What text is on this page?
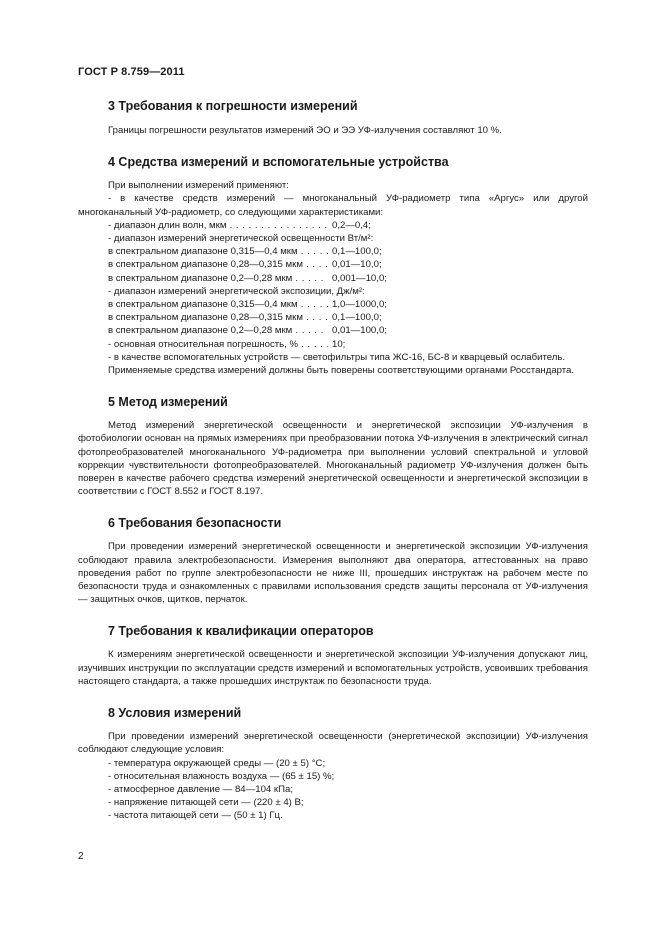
ГОСТ Р 8.759—2011
3 Требования к погрешности измерений

Границы погрешности результатов измерений ЭО и ЭЭ УФ-излучения составляют 10 %.

4 Средства измерений и вспомогательные устройства

При выполнении измерений применяют:

- в качестве средств измерений — многоканальный УФ-радиометр типа «Аргус» или другой многоканальный УФ-радиометр, со следующими характеристиками:

- диапазон длин волн, мкм . . .	0,2—0,4;
- диапазон измерений энергетической освещенности Вт/м²:
в спектральном диапазоне 0,315—0,4 мкм . . .	0,1—100,0;
в спектральном диапазоне 0,28—0,315 мкм . . .	0,01—10,0;
в спектральном диапазоне 0,2—0,28 мкм . . .	0,001—10,0;
- диапазон измерений энергетической экспозиции, Дж/м²:
в спектральном диапазоне 0,315—0,4 мкм . . .	1,0—1000,0;
в спектральном диапазоне 0,28—0,315 мкм . . .	0,1—100,0;
в спектральном диапазоне 0,2—0,28 мкм . . .	0,01—100,0;
- основная относительная погрешность, % . . .	10;

- в качестве вспомогательных устройств — светофильтры типа ЖС-16, БС-8 и кварцевый ослабитель.

Применяемые средства измерений должны быть поверены соответствующими органами Росстандарта.

5 Метод измерений

Метод измерений энергетической освещенности и энергетической экспозиции УФ-излучения в фотобиологии основан на прямых измерениях при преобразовании потока УФ-излучения в электрический сигнал фотопреобразователей многоканального УФ-радиометра при выполнении условий спектральной и угловой коррекции чувствительности фотопреобразователей. Многоканальный радиометр УФ-излучения должен быть поверен в качестве рабочего средства измерений энергетической освещенности и энергетической экспозиции в соответствии с ГОСТ 8.552 и ГОСТ 8.197.

6 Требования безопасности

При проведении измерений энергетической освещенности и энергетической экспозиции УФ-излучения соблюдают правила электробезопасности. Измерения выполняют два оператора, аттестованных на право проведения работ по группе электробезопасности не ниже III, прошедших инструктаж на рабочем месте по безопасности труда и ознакомленных с правилами использования средств защиты персонала от УФ-излучения — защитных очков, щитков, перчаток.

7 Требования к квалификации операторов

К измерениям энергетической освещенности и энергетической экспозиции УФ-излучения допускают лиц, изучивших инструкции по эксплуатации средств измерений и вспомогательных устройств, усвоивших требования настоящего стандарта, а также прошедших инструктаж по безопасности труда.

8 Условия измерений

При проведении измерений энергетической освещенности (энергетической экспозиции) УФ-излучения соблюдают следующие условия:

- температура окружающей среды — (20 ± 5) °С;

- относительная влажность воздуха — (65 ± 15) %;

- атмосферное давление — 84—104 кПа;

- напряжение питающей сети — (220 ± 4) В;

- частота питающей сети — (50 ± 1) Гц.

2
